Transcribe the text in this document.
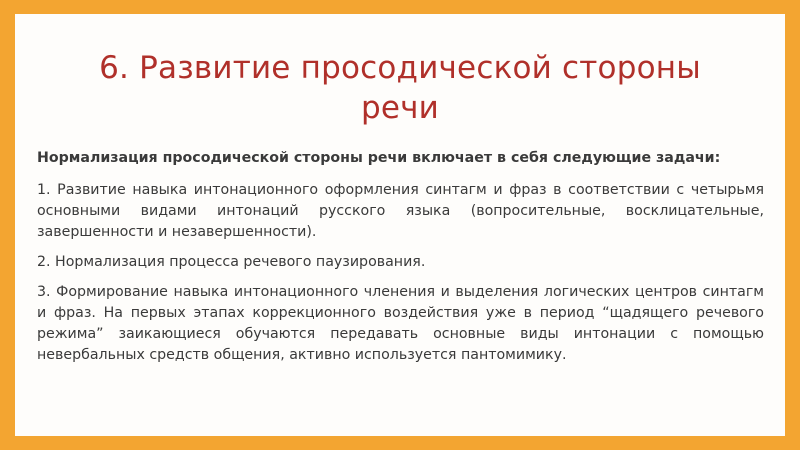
6. Развитие просодической стороны
речи

Нормализация просодической стороны речи включает в себя следующие задачи:

1. Развитие навыка интонационного оформления синтагм и фраз в соответствии с четырьмя основными видами интонаций русского языка (вопросительные, восклицательные, завершенности и незавершенности).

2. Нормализация процесса речевого паузирования.

3. Формирование навыка интонационного членения и выделения логических центров синтагм и фраз. На первых этапах коррекционного воздействия уже в период “щадящего речевого режима” заикающиеся обучаются передавать основные виды интонации с помощью невербальных средств общения, активно используется пантомимику.
